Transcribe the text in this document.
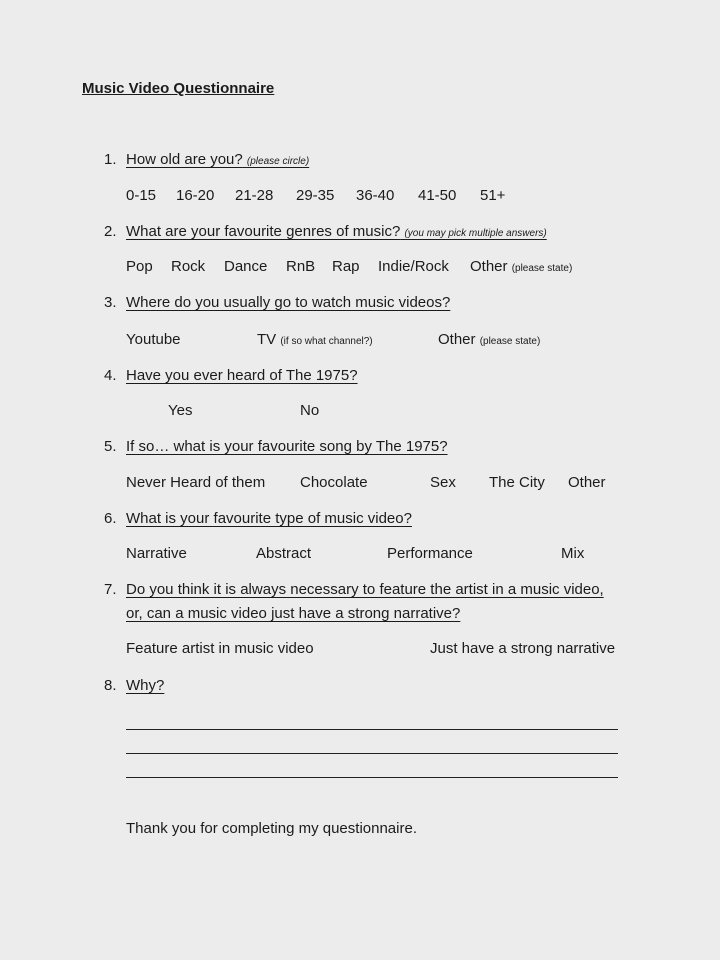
Music Video Questionnaire
1. How old are you? (please circle)
0-15 16-20 21-28 29-35 36-40 41-50 51+
2. What are your favourite genres of music? (you may pick multiple answers)
Pop Rock Dance RnB Rap Indie/Rock Other (please state)
3. Where do you usually go to watch music videos?
Youtube	TV (if so what channel?)	Other (please state)
4. Have you ever heard of The 1975?
Yes	No
5. If so… what is your favourite song by The 1975?
Never Heard of them Chocolate	Sex The City Other
6. What is your favourite type of music video?
Narrative	Abstract	Performance	Mix
7. Do you think it is always necessary to feature the artist in a music video,
or, can a music video just have a strong narrative?
Feature artist in music video	Just have a strong narrative
8. Why?
Thank you for completing my questionnaire.
